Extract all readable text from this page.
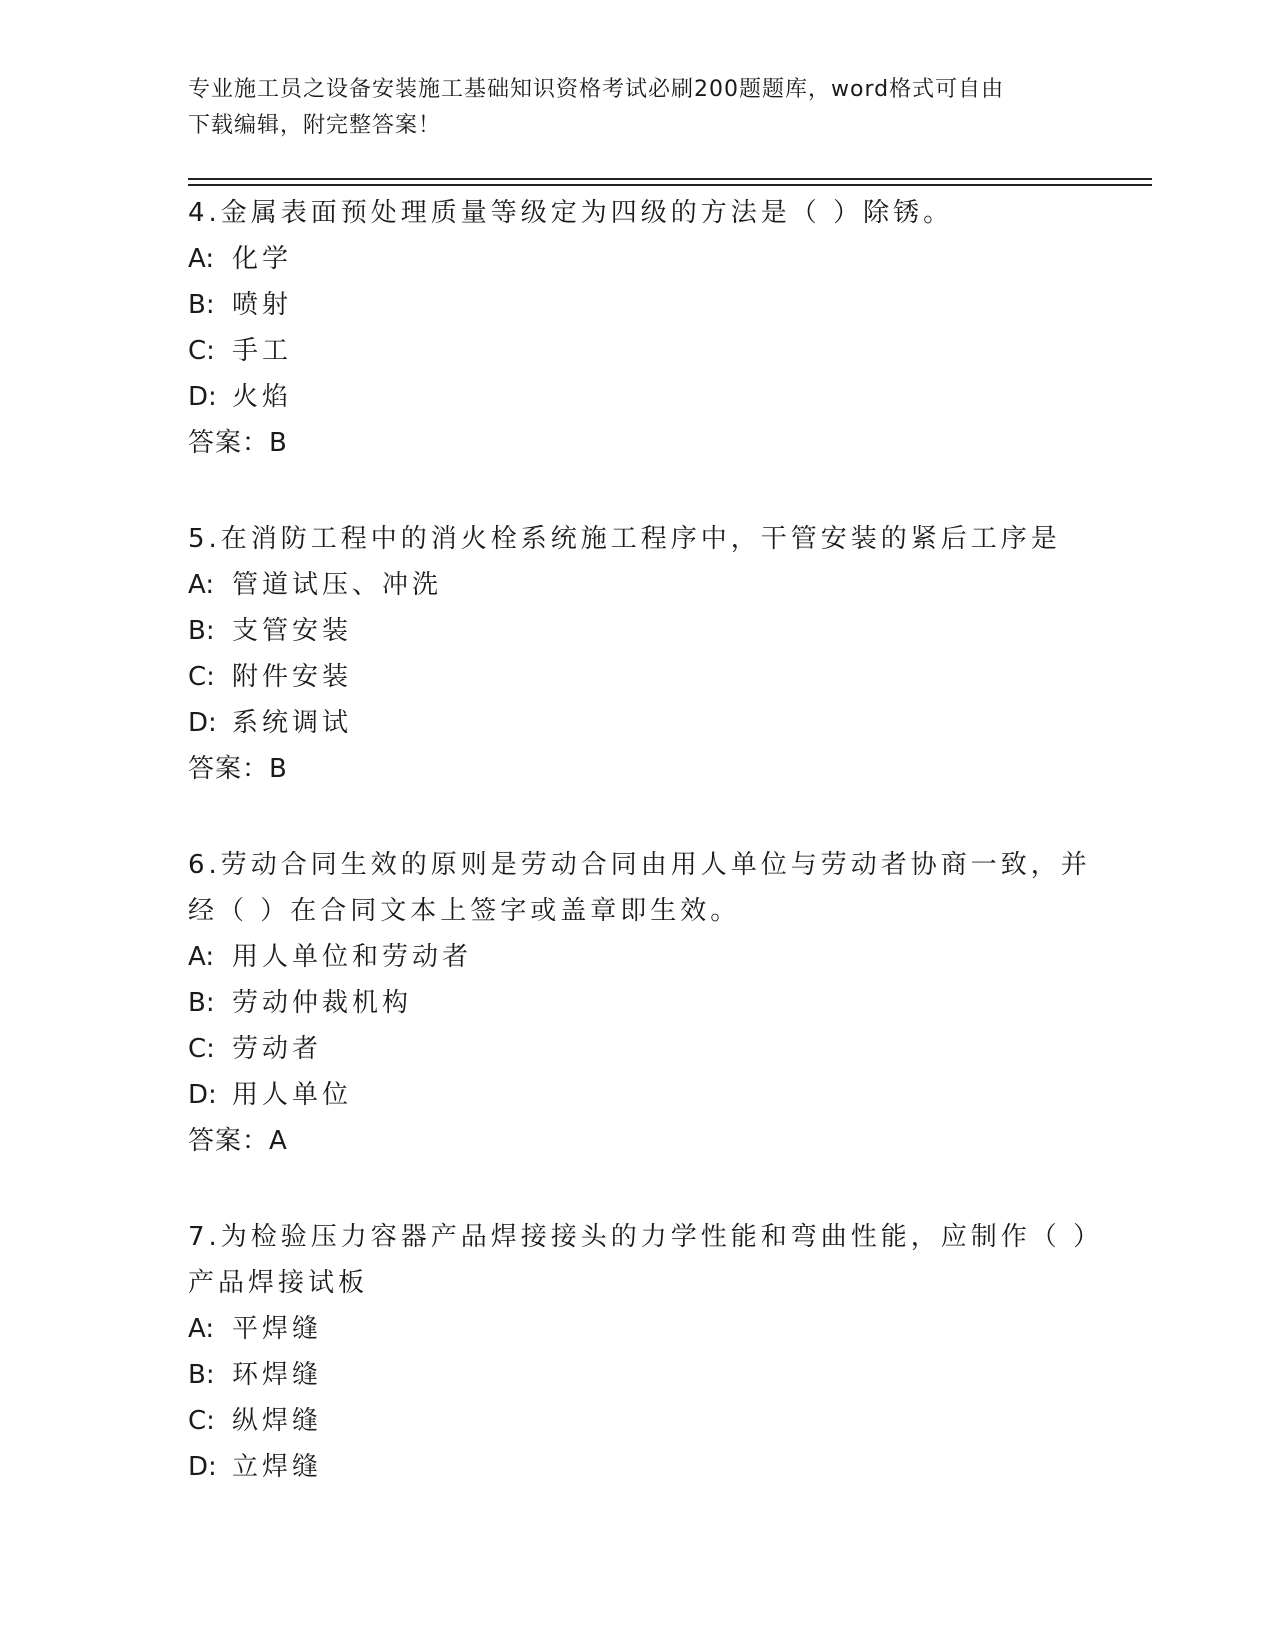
专业施工员之设备安装施工基础知识资格考试必刷200题题库，word格式可自由
下载编辑，附完整答案！
4.金属表面预处理质量等级定为四级的方法是（ ）除锈。
A: 化学
B: 喷射
C: 手工
D: 火焰
答案：B
5.在消防工程中的消火栓系统施工程序中，干管安装的紧后工序是
A: 管道试压、冲洗
B: 支管安装
C: 附件安装
D: 系统调试
答案：B
6.劳动合同生效的原则是劳动合同由用人单位与劳动者协商一致，并
经（ ）在合同文本上签字或盖章即生效。
A: 用人单位和劳动者
B: 劳动仲裁机构
C: 劳动者
D: 用人单位
答案：A
7.为检验压力容器产品焊接接头的力学性能和弯曲性能，应制作（ ）
产品焊接试板
A: 平焊缝
B: 环焊缝
C: 纵焊缝
D: 立焊缝
